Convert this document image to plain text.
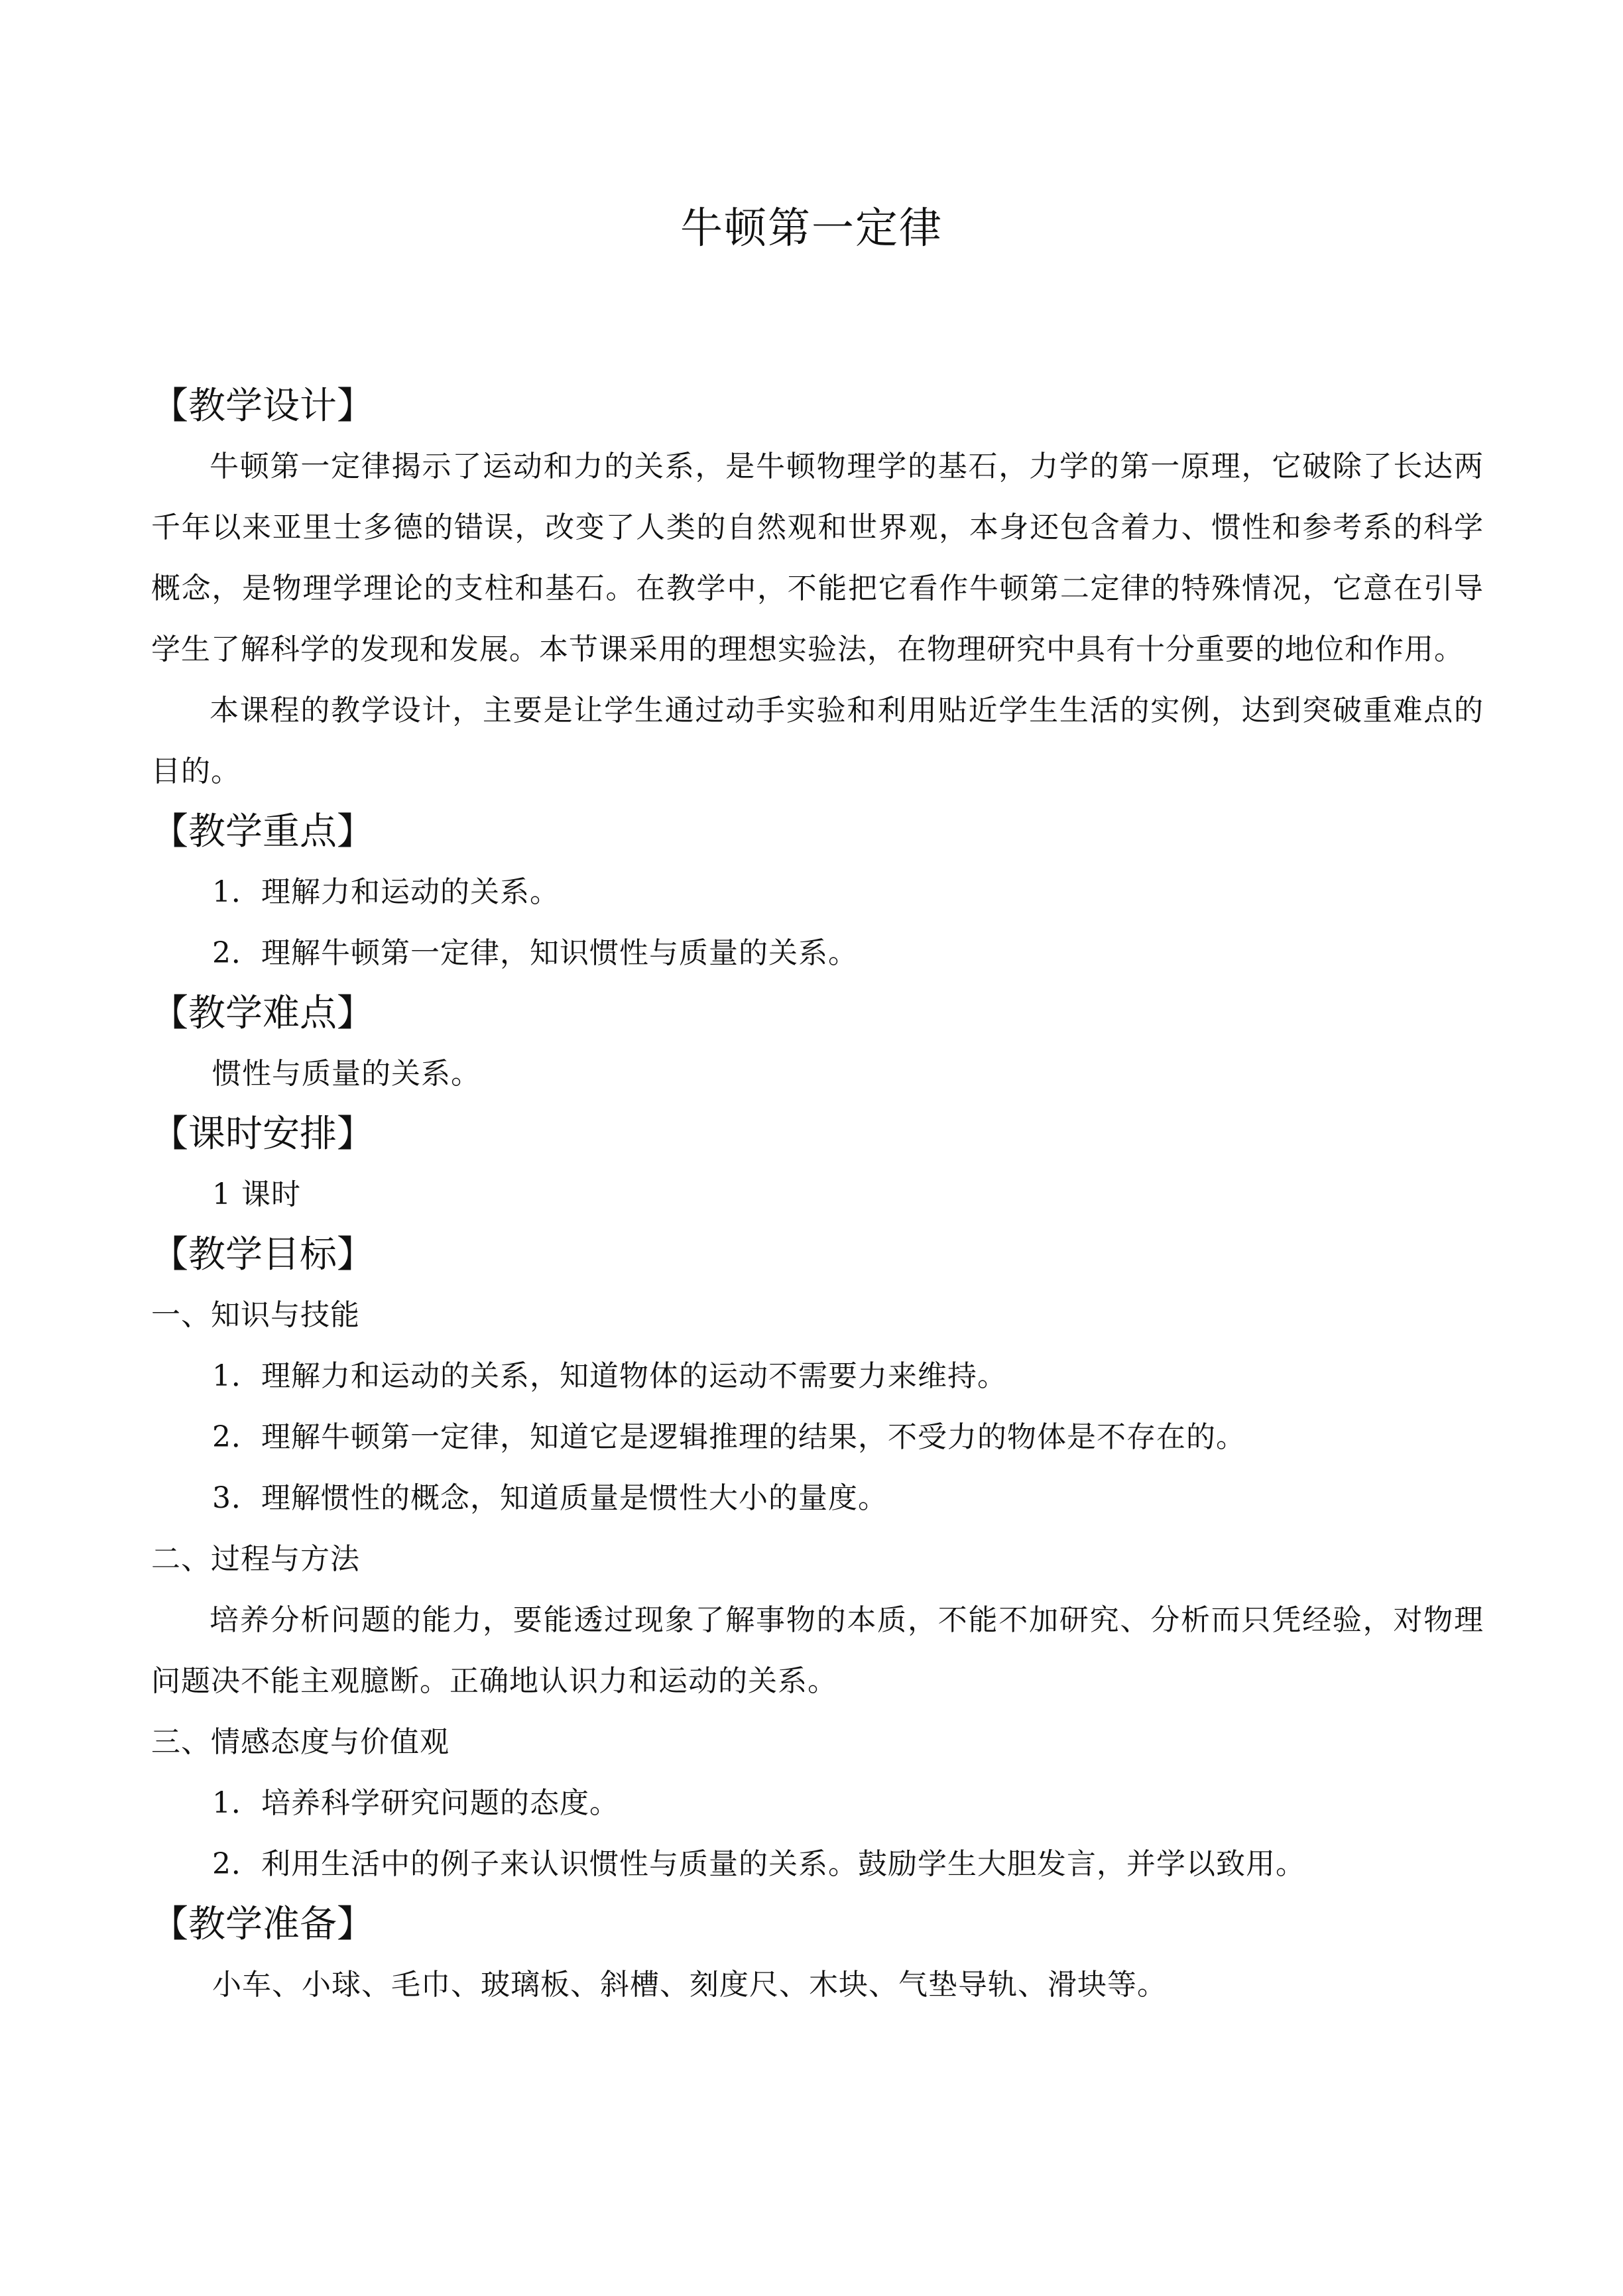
牛顿第一定律
【教学设计】

牛顿第一定律揭示了运动和力的关系，是牛顿物理学的基石，力学的第一原理，它破除了长达两千年以来亚里士多德的错误，改变了人类的自然观和世界观，本身还包含着力、惯性和参考系的科学概念，是物理学理论的支柱和基石。在教学中，不能把它看作牛顿第二定律的特殊情况，它意在引导学生了解科学的发现和发展。本节课采用的理想实验法，在物理研究中具有十分重要的地位和作用。

本课程的教学设计，主要是让学生通过动手实验和利用贴近学生生活的实例，达到突破重难点的目的。

【教学重点】

1．理解力和运动的关系。

2．理解牛顿第一定律，知识惯性与质量的关系。

【教学难点】

惯性与质量的关系。

【课时安排】

1 课时

【教学目标】

一、知识与技能

1．理解力和运动的关系，知道物体的运动不需要力来维持。

2．理解牛顿第一定律，知道它是逻辑推理的结果，不受力的物体是不存在的。

3．理解惯性的概念，知道质量是惯性大小的量度。

二、过程与方法

培养分析问题的能力，要能透过现象了解事物的本质，不能不加研究、分析而只凭经验，对物理问题决不能主观臆断。正确地认识力和运动的关系。

三、情感态度与价值观

1．培养科学研究问题的态度。

2．利用生活中的例子来认识惯性与质量的关系。鼓励学生大胆发言，并学以致用。

【教学准备】

小车、小球、毛巾、玻璃板、斜槽、刻度尺、木块、气垫导轨、滑块等。
